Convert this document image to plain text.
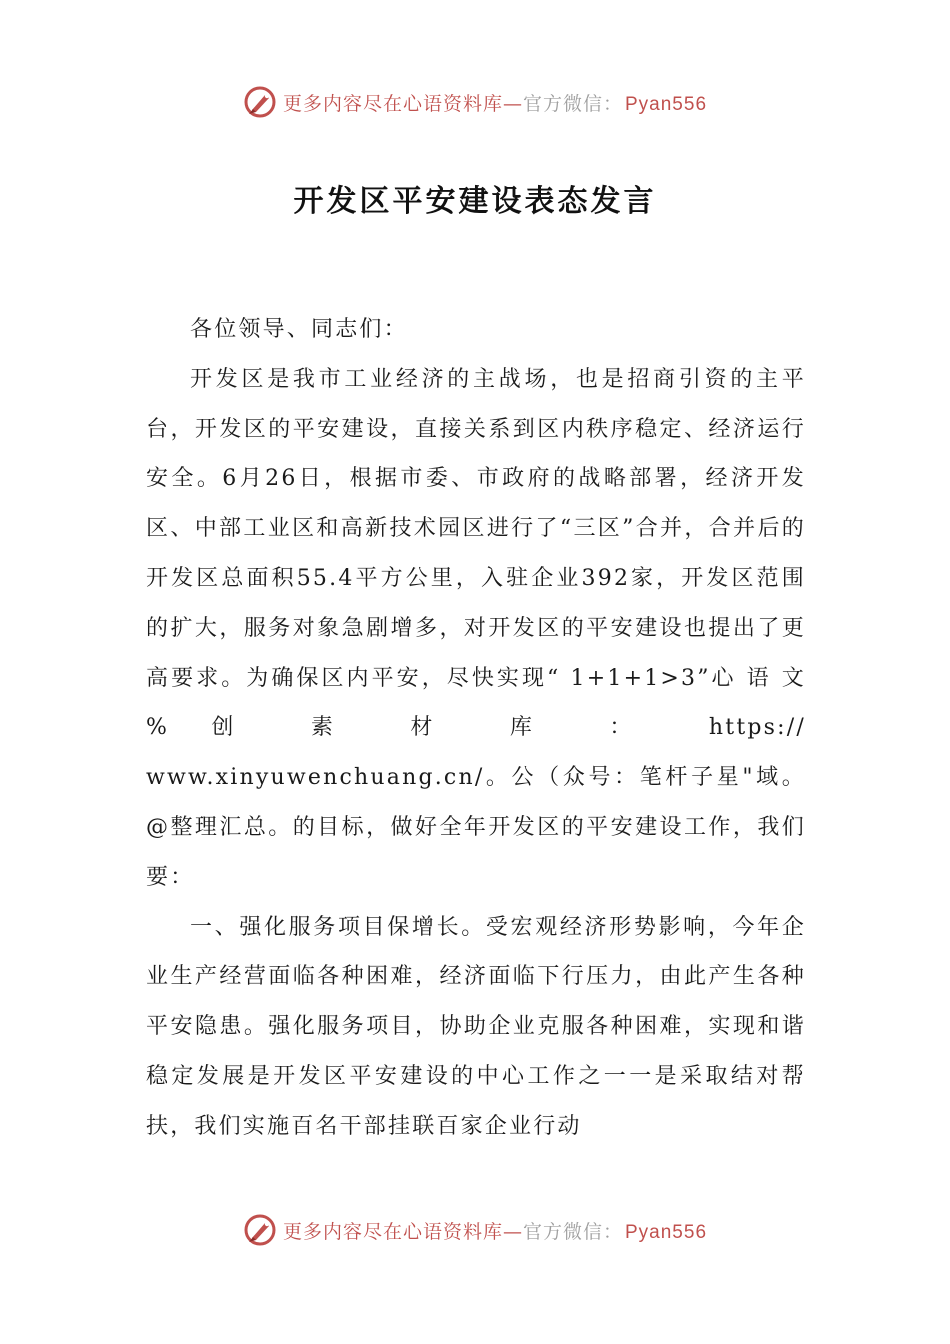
更多内容尽在心语资料库—官方微信： Pyan556
开发区平安建设表态发言

各位领导、同志们：

开发区是我市工业经济的主战场，也是招商引资的主平台，开发区的平安建设，直接关系到区内秩序稳定、经济运行安全。6月26日，根据市委、市政府的战略部署，经济开发区、中部工业区和高新技术园区进行了“三区”合并，合并后的开发区总面积55.4平方公里，入驻企业392家，开发区范围的扩大，服务对象急剧增多，对开发区的平安建设也提出了更高要求。为确保区内平安，尽快实现“ 1+1+1>3”心 语 文 % 创 素 材 库 ： https:// www.xinyuwenchuang.cn/。公（众号：笔杆子星"域。@整理汇总。的目标，做好全年开发区的平安建设工作，我们要：

一、强化服务项目保增长。受宏观经济形势影响，今年企业生产经营面临各种困难，经济面临下行压力，由此产生各种平安隐患。强化服务项目，协助企业克服各种困难，实现和谐稳定发展是开发区平安建设的中心工作之一一是采取结对帮扶，我们实施百名干部挂联百家企业行动

更多内容尽在心语资料库—官方微信： Pyan556
